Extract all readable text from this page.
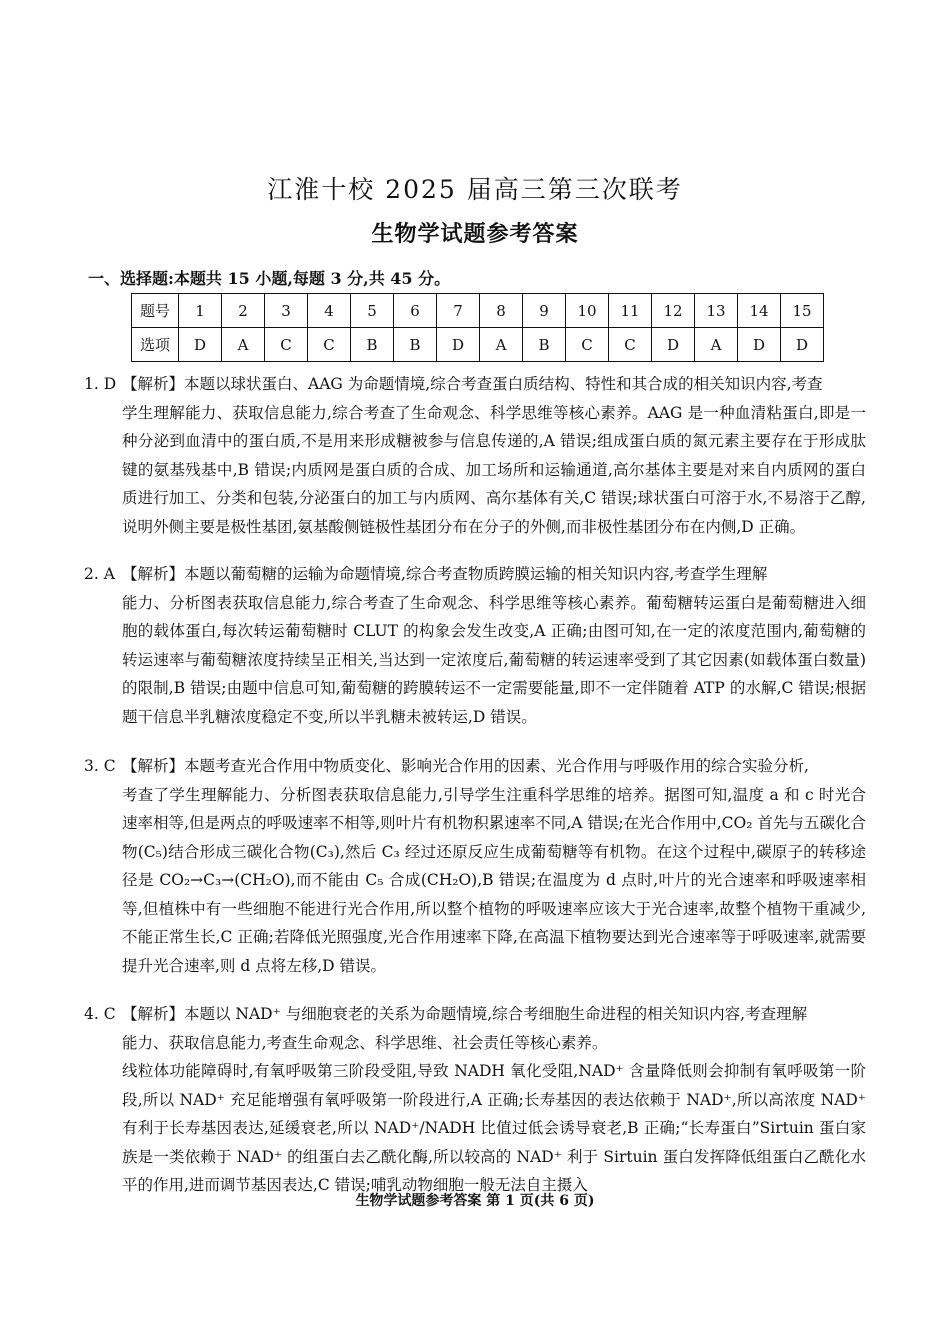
江淮十校 2025 届高三第三次联考
生物学试题参考答案
一、选择题:本题共 15 小题,每题 3 分,共 45 分。
题号	1	2	3	4	5	6	7	8	9	10	11	12	13	14	15
选项	D	A	C	C	B	B	D	A	B	C	C	D	A	D	D

1. D 【解析】本题以球状蛋白、AAG 为命题情境,综合考查蛋白质结构、特性和其合成的相关知识内容,考查

学生理解能力、获取信息能力,综合考查了生命观念、科学思维等核心素养。AAG 是一种血清粘蛋白,即是一种分泌到血清中的蛋白质,不是用来形成糖被参与信息传递的,A 错误;组成蛋白质的氮元素主要存在于形成肽键的氨基残基中,B 错误;内质网是蛋白质的合成、加工场所和运输通道,高尔基体主要是对来自内质网的蛋白质进行加工、分类和包装,分泌蛋白的加工与内质网、高尔基体有关,C 错误;球状蛋白可溶于水,不易溶于乙醇,说明外侧主要是极性基团,氨基酸侧链极性基团分布在分子的外侧,而非极性基团分布在内侧,D 正确。

2. A 【解析】本题以葡萄糖的运输为命题情境,综合考查物质跨膜运输的相关知识内容,考查学生理解

能力、分析图表获取信息能力,综合考查了生命观念、科学思维等核心素养。葡萄糖转运蛋白是葡萄糖进入细胞的载体蛋白,每次转运葡萄糖时 CLUT 的构象会发生改变,A 正确;由图可知,在一定的浓度范围内,葡萄糖的转运速率与葡萄糖浓度持续呈正相关,当达到一定浓度后,葡萄糖的转运速率受到了其它因素(如载体蛋白数量)的限制,B 错误;由题中信息可知,葡萄糖的跨膜转运不一定需要能量,即不一定伴随着 ATP 的水解,C 错误;根据题干信息半乳糖浓度稳定不变,所以半乳糖未被转运,D 错误。

3. C 【解析】本题考查光合作用中物质变化、影响光合作用的因素、光合作用与呼吸作用的综合实验分析,

考查了学生理解能力、分析图表获取信息能力,引导学生注重科学思维的培养。据图可知,温度 a 和 c 时光合速率相等,但是两点的呼吸速率不相等,则叶片有机物积累速率不同,A 错误;在光合作用中,CO₂ 首先与五碳化合物(C₅)结合形成三碳化合物(C₃),然后 C₃ 经过还原反应生成葡萄糖等有机物。在这个过程中,碳原子的转移途径是 CO₂→C₃→(CH₂O),而不能由 C₅ 合成(CH₂O),B 错误;在温度为 d 点时,叶片的光合速率和呼吸速率相等,但植株中有一些细胞不能进行光合作用,所以整个植物的呼吸速率应该大于光合速率,故整个植物干重减少,不能正常生长,C 正确;若降低光照强度,光合作用速率下降,在高温下植物要达到光合速率等于呼吸速率,就需要提升光合速率,则 d 点将左移,D 错误。

4. C 【解析】本题以 NAD⁺ 与细胞衰老的关系为命题情境,综合考细胞生命进程的相关知识内容,考查理解

能力、获取信息能力,考查生命观念、科学思维、社会责任等核心素养。

线粒体功能障碍时,有氧呼吸第三阶段受阻,导致 NADH 氧化受阻,NAD⁺ 含量降低则会抑制有氧呼吸第一阶段,所以 NAD⁺ 充足能增强有氧呼吸第一阶段进行,A 正确;长寿基因的表达依赖于 NAD⁺,所以高浓度 NAD⁺ 有利于长寿基因表达,延缓衰老,所以 NAD⁺/NADH 比值过低会诱导衰老,B 正确;“长寿蛋白”Sirtuin 蛋白家族是一类依赖于 NAD⁺ 的组蛋白去乙酰化酶,所以较高的 NAD⁺ 利于 Sirtuin 蛋白发挥降低组蛋白乙酰化水平的作用,进而调节基因表达,C 错误;哺乳动物细胞一般无法自主摄入

生物学试题参考答案 第 1 页(共 6 页)
